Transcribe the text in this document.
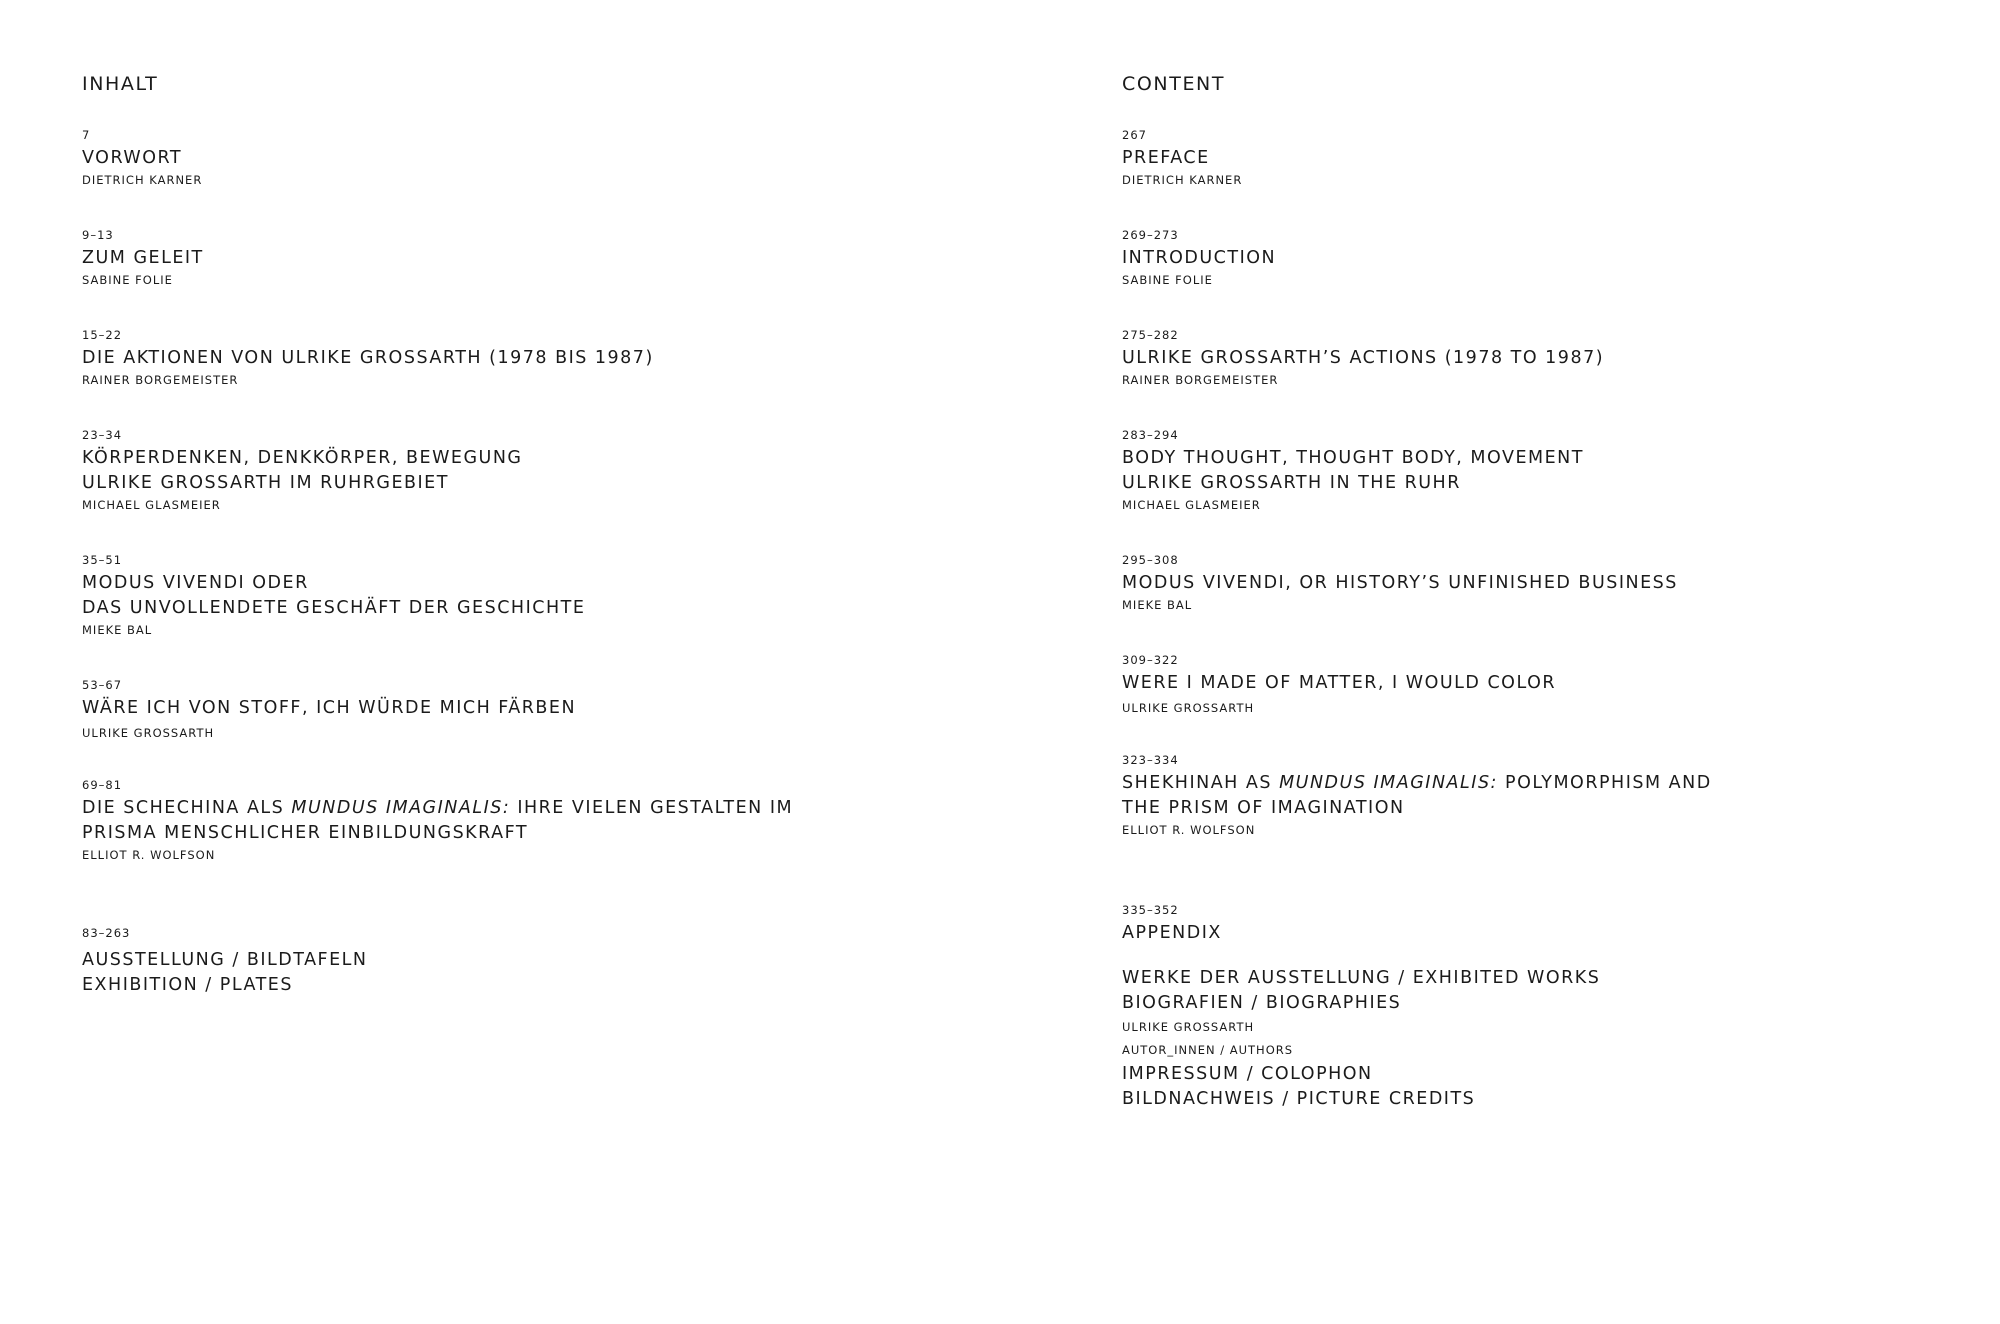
INHALT
7
VORWORT
DIETRICH KARNER
9–13
ZUM GELEIT
SABINE FOLIE
15–22
DIE AKTIONEN VON ULRIKE GROSSARTH (1978 BIS 1987)
RAINER BORGEMEISTER
23–34
KÖRPERDENKEN, DENKKÖRPER, BEWEGUNG
ULRIKE GROSSARTH IM RUHRGEBIET
MICHAEL GLASMEIER
35–51
MODUS VIVENDI ODER
DAS UNVOLLENDETE GESCHÄFT DER GESCHICHTE
MIEKE BAL
53–67
WÄRE ICH VON STOFF, ICH WÜRDE MICH FÄRBEN
ULRIKE GROSSARTH
69–81
DIE SCHECHINA ALS MUNDUS IMAGINALIS: IHRE VIELEN GESTALTEN IM
PRISMA MENSCHLICHER EINBILDUNGSKRAFT
ELLIOT R. WOLFSON
83–263
AUSSTELLUNG / BILDTAFELN
EXHIBITION / PLATES
CONTENT
267
PREFACE
DIETRICH KARNER
269–273
INTRODUCTION
SABINE FOLIE
275–282
ULRIKE GROSSARTH’S ACTIONS (1978 TO 1987)
RAINER BORGEMEISTER
283–294
BODY THOUGHT, THOUGHT BODY, MOVEMENT
ULRIKE GROSSARTH IN THE RUHR
MICHAEL GLASMEIER
295–308
MODUS VIVENDI, OR HISTORY’S UNFINISHED BUSINESS
MIEKE BAL
309–322
WERE I MADE OF MATTER, I WOULD COLOR
ULRIKE GROSSARTH
323–334
SHEKHINAH AS MUNDUS IMAGINALIS: POLYMORPHISM AND
THE PRISM OF IMAGINATION
ELLIOT R. WOLFSON
335–352
APPENDIX
WERKE DER AUSSTELLUNG / EXHIBITED WORKS
BIOGRAFIEN / BIOGRAPHIES
ULRIKE GROSSARTH
AUTOR_INNEN / AUTHORS
IMPRESSUM / COLOPHON
BILDNACHWEIS / PICTURE CREDITS
